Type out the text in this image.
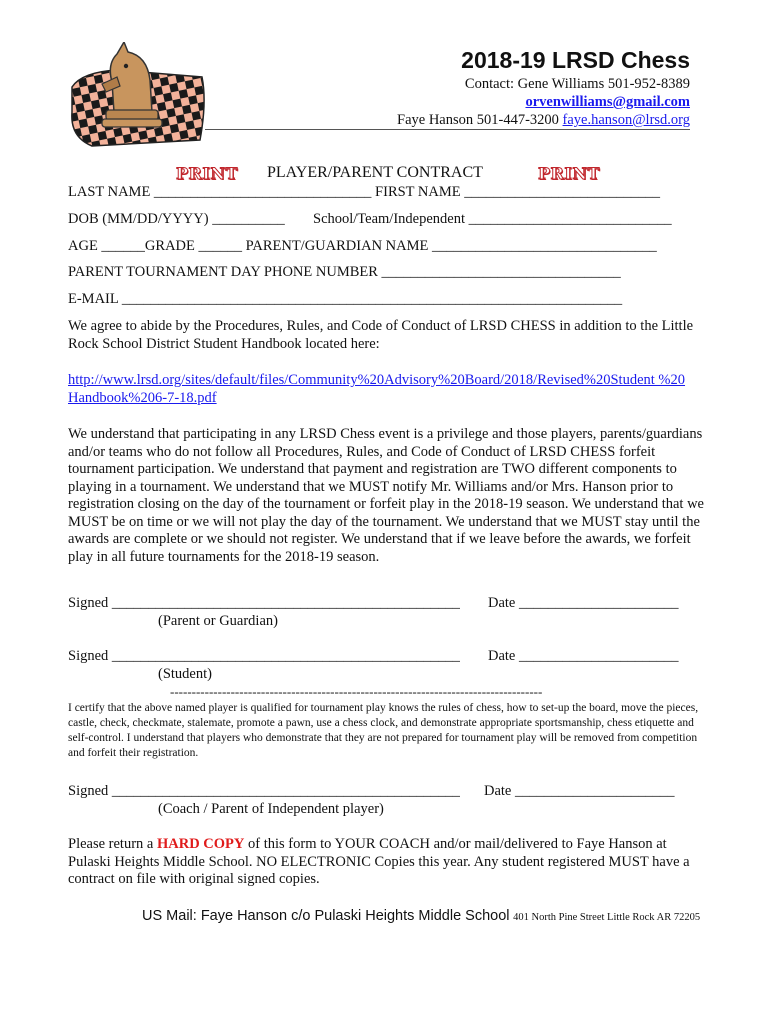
2018-19 LRSD Chess
Contact: Gene Williams 501-952-8389
orvenwilliams@gmail.com
Faye Hanson 501-447-3200 faye.hanson@lrsd.org
PRINT PLAYER/PARENT CONTRACT	PRINT
LAST NAME ______________________________ FIRST NAME ___________________________
DOB (MM/DD/YYYY) __________ School/Team/Independent ____________________________
AGE ______GRADE ______ PARENT/GUARDIAN NAME _______________________________
PARENT TOURNAMENT DAY PHONE NUMBER _________________________________
E-MAIL _____________________________________________________________________
We agree to abide by the Procedures, Rules, and Code of Conduct of LRSD CHESS in addition to the Little Rock School District Student Handbook located here:
http://www.lrsd.org/sites/default/files/Community%20Advisory%20Board/2018/Revised%20Student %20Handbook%206-7-18.pdf
We understand that participating in any LRSD Chess event is a privilege and those players, parents/guardians and/or teams who do not follow all Procedures, Rules, and Code of Conduct of LRSD CHESS forfeit tournament participation. We understand that payment and registration are TWO different components to playing in a tournament. We understand that we MUST notify Mr. Williams and/or Mrs. Hanson prior to registration closing on the day of the tournament or forfeit play in the 2018-19 season. We understand that we MUST be on time or we will not play the day of the tournament. We understand that we MUST stay until the awards are complete or we should not register. We understand that if we leave before the awards, we forfeit play in all future tournaments for the 2018-19 season.
Signed ________________________________________________ Date ______________________
(Parent or Guardian)
Signed ________________________________________________ Date ______________________
(Student)
--------------------------------------------------------------------------------------
I certify that the above named player is qualified for tournament play knows the rules of chess, how to set-up the board, move the pieces, castle, check, checkmate, stalemate, promote a pawn, use a chess clock, and demonstrate appropriate sportsmanship, chess etiquette and self-control. I understand that players who demonstrate that they are not prepared for tournament play will be removed from competition and forfeit their registration.
Signed ________________________________________________ Date ______________________
(Coach / Parent of Independent player)
Please return a HARD COPY of this form to YOUR COACH and/or mail/delivered to Faye Hanson at Pulaski Heights Middle School. NO ELECTRONIC Copies this year. Any student registered MUST have a contract on file with original signed copies.
US Mail: Faye Hanson c/o Pulaski Heights Middle School 401 North Pine Street Little Rock AR 72205
